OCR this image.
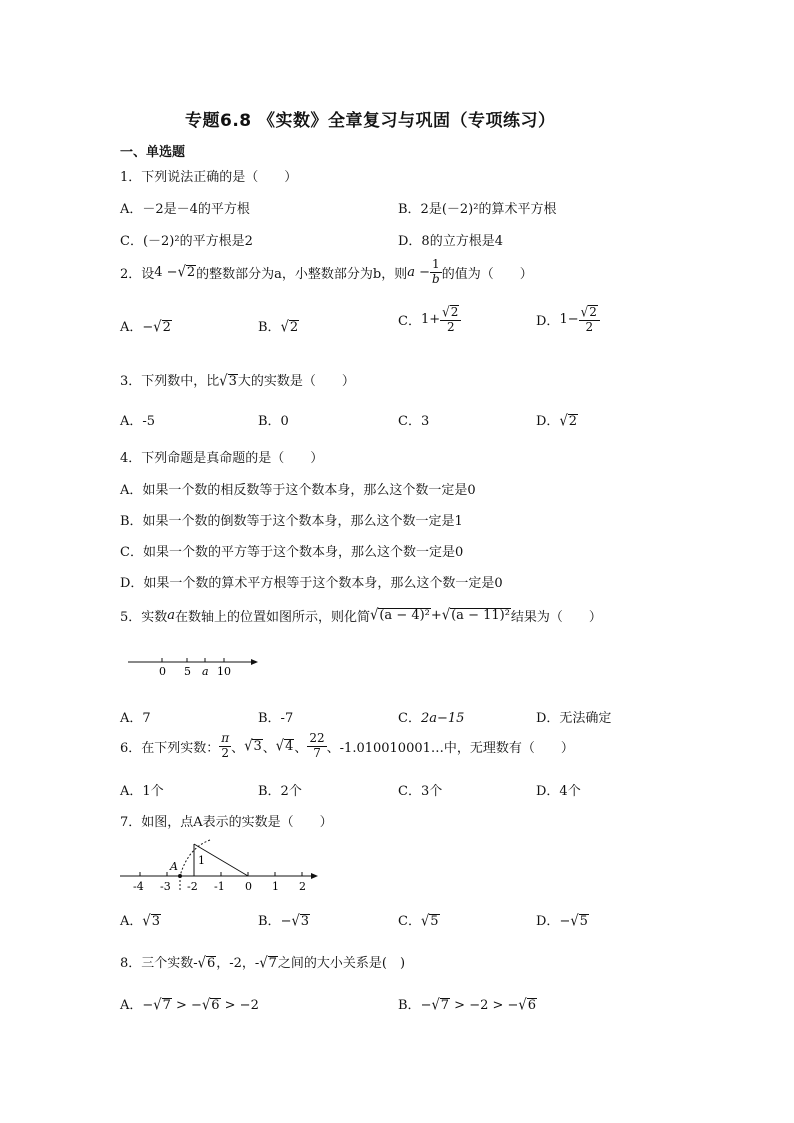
专题6.8 《实数》全章复习与巩固（专项练习）
一、单选题
1．下列说法正确的是（　　）
A．－2是－4的平方根	B．2是(－2)²的算术平方根
C．(－2)²的平方根是2	D．8的立方根是4
2．设 4 − √ 2 的整数部分为a，小整数部分为b，则 $a - \frac{1}{b}$ 的值为（　　）
A．−√2	B．√2	C． $1+ \frac{√2}{2}$	D． $1- \frac{√2}{2}$
3．下列数中，比√3大的实数是（　　）
A．-5	B．0	C．3	D．√2
4．下列命题是真命题的是（　　）
A．如果一个数的相反数等于这个数本身，那么这个数一定是0
B．如果一个数的倒数等于这个数本身，那么这个数一定是1
C．如果一个数的平方等于这个数本身，那么这个数一定是0
D．如果一个数的算术平方根等于这个数本身，那么这个数一定是0
5．实数 a 在数轴上的位置如图所示，则化简 √ (a − 4)² + √ (a − 11)² 结果为（　　）
0 5 a 10
A．7	B．-7	C．2a−15	D．无法确定
6．在下列实数： $\frac{\pi}{2}$ 、 √ 3 、 √ 4 、 $\frac{22}{7}$ 、-1.010010001…中，无理数有（　　）
A．1个	B．2个	C．3个	D．4个
7．如图，点A表示的实数是（　　）
A 1
-4 -3 -2 -1 0 1 2
A．√3	B．−√3	C．√5	D．−√5
8．三个实数-√6，-2，-√7之间的大小关系是(　)
A．−√7 > −√6 > −2	B．−√7 > −2 > −√6
